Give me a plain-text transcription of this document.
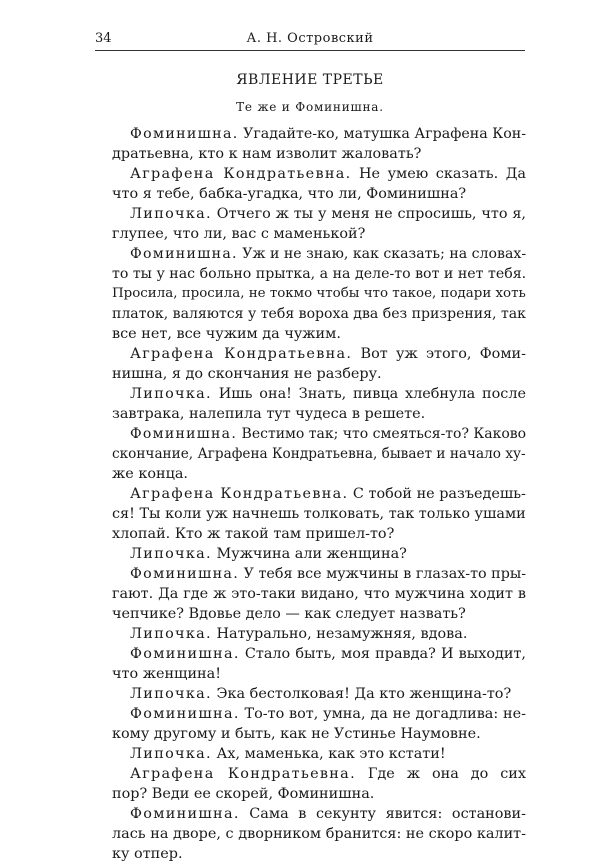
34	А. Н. Островский
ЯВЛЕНИЕ ТРЕТЬЕ
Те же и Фоминишна.
Фоминишна. Угадайте-ко, матушка Аграфена Кон-
дратьевна, кто к нам изволит жаловать?
Аграфена Кондратьевна. Не умею сказать. Да
что я тебе, бабка-угадка, что ли, Фоминишна?
Липочка. Отчего ж ты у меня не спросишь, что я,
глупее, что ли, вас с маменькой?
Фоминишна. Уж и не знаю, как сказать; на словах-
то ты у нас больно прытка, а на деле-то вот и нет тебя.
Просила, просила, не токмо чтобы что такое, подари хоть
платок, валяются у тебя вороха два без призрения, так
все нет, все чужим да чужим.
Аграфена Кондратьевна. Вот уж этого, Фоми-
нишна, я до скончания не разберу.
Липочка. Ишь она! Знать, пивца хлебнула после
завтрака, налепила тут чудеса в решете.
Фоминишна. Вестимо так; что смеяться-то? Каково
скончание, Аграфена Кондратьевна, бывает и начало ху-
же конца.
Аграфена Кондратьевна. С тобой не разъедешь-
ся! Ты коли уж начнешь толковать, так только ушами
хлопай. Кто ж такой там пришел-то?
Липочка. Мужчина али женщина?
Фоминишна. У тебя все мужчины в глазах-то пры-
гают. Да где ж это-таки видано, что мужчина ходит в
чепчике? Вдовье дело — как следует назвать?
Липочка. Натурально, незамужняя, вдова.
Фоминишна. Стало быть, моя правда? И выходит,
что женщина!
Липочка. Эка бестолковая! Да кто женщина-то?
Фоминишна. То-то вот, умна, да не догадлива: не-
кому другому и быть, как не Устинье Наумовне.
Липочка. Ах, маменька, как это кстати!
Аграфена Кондратьевна. Где ж она до сих
пор? Веди ее скорей, Фоминишна.
Фоминишна. Сама в секунту явится: останови-
лась на дворе, с дворником бранится: не скоро калит-
ку отпер.
